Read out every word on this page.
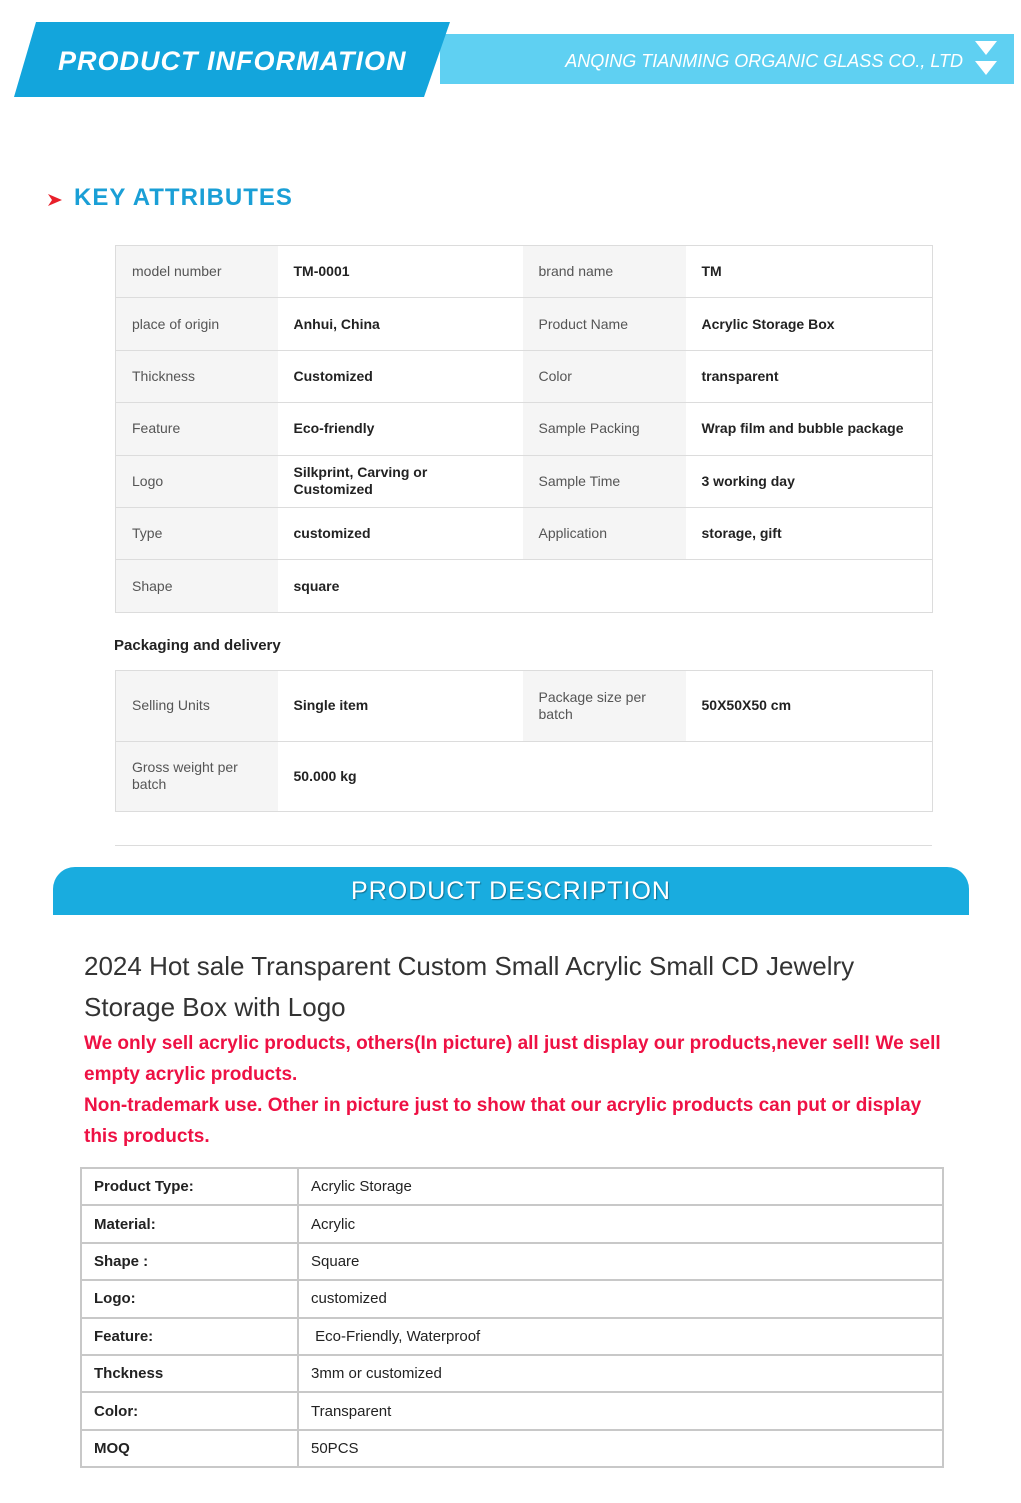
PRODUCT INFORMATION	ANQING TIANMING ORGANIC GLASS CO., LTD
KEY ATTRIBUTES
model number	TM-0001	brand name	TM
place of origin	Anhui, China	Product Name	Acrylic Storage Box
Thickness	Customized	Color	transparent
Feature	Eco-friendly	Sample Packing	Wrap film and bubble package
Logo	Silkprint, Carving or Customized	Sample Time	3 working day
Type	customized	Application	storage, gift
Shape	square		
Packaging and delivery
Selling Units	Single item	Package size per batch	50X50X50 cm
Gross weight per batch	50.000 kg		
PRODUCT DESCRIPTION
2024 Hot sale Transparent Custom Small Acrylic Small CD Jewelry Storage Box with Logo
We only sell acrylic products, others(In picture) all just display our products,never sell! We sell empty acrylic products.
Non-trademark use. Other in picture just to show that our acrylic products can put or display this products.
Product Type:	Acrylic Storage
Material:	Acrylic
Shape :	Square
Logo:	customized
Feature:	Eco-Friendly, Waterproof
Thckness	3mm or customized
Color:	Transparent
MOQ	50PCS
